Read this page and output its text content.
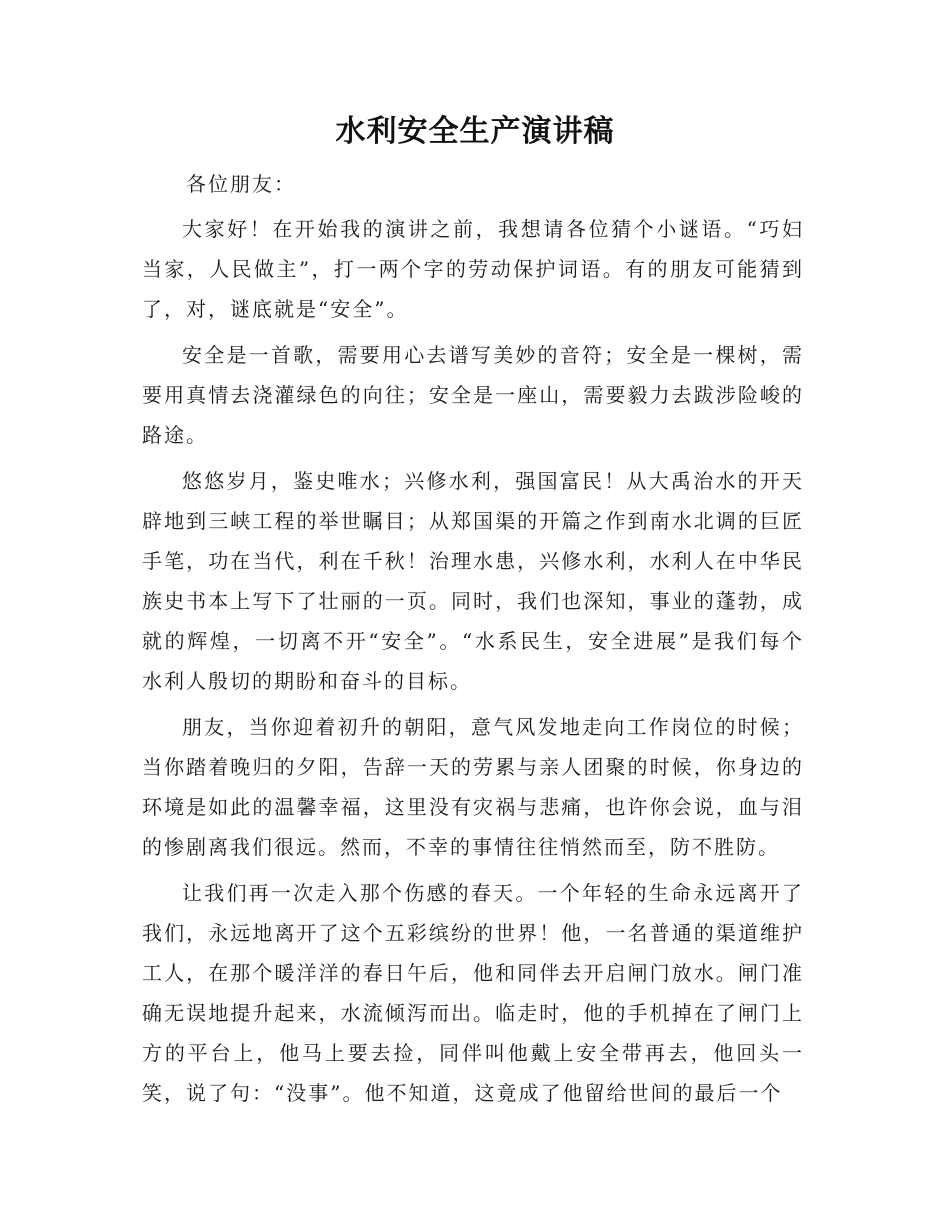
水利安全生产演讲稿

各位朋友：

大家好！在开始我的演讲之前，我想请各位猜个小谜语。“巧妇当家，人民做主”，打一两个字的劳动保护词语。有的朋友可能猜到了，对，谜底就是“安全”。

安全是一首歌，需要用心去谱写美妙的音符；安全是一棵树，需要用真情去浇灌绿色的向往；安全是一座山，需要毅力去跋涉险峻的路途。

悠悠岁月，鉴史唯水；兴修水利，强国富民！从大禹治水的开天辟地到三峡工程的举世瞩目；从郑国渠的开篇之作到南水北调的巨匠手笔，功在当代，利在千秋！治理水患，兴修水利，水利人在中华民族史书本上写下了壮丽的一页。同时，我们也深知，事业的蓬勃，成就的辉煌，一切离不开“安全”。“水系民生，安全进展”是我们每个水利人殷切的期盼和奋斗的目标。

朋友，当你迎着初升的朝阳，意气风发地走向工作岗位的时候；当你踏着晚归的夕阳，告辞一天的劳累与亲人团聚的时候，你身边的环境是如此的温馨幸福，这里没有灾祸与悲痛，也许你会说，血与泪的惨剧离我们很远。然而，不幸的事情往往悄然而至，防不胜防。

让我们再一次走入那个伤感的春天。一个年轻的生命永远离开了我们，永远地离开了这个五彩缤纷的世界！他，一名普通的渠道维护工人，在那个暖洋洋的春日午后，他和同伴去开启闸门放水。闸门准确无误地提升起来，水流倾泻而出。临走时，他的手机掉在了闸门上方的平台上，他马上要去捡，同伴叫他戴上安全带再去，他回头一笑，说了句：“没事”。他不知道，这竟成了他留给世间的最后一个
